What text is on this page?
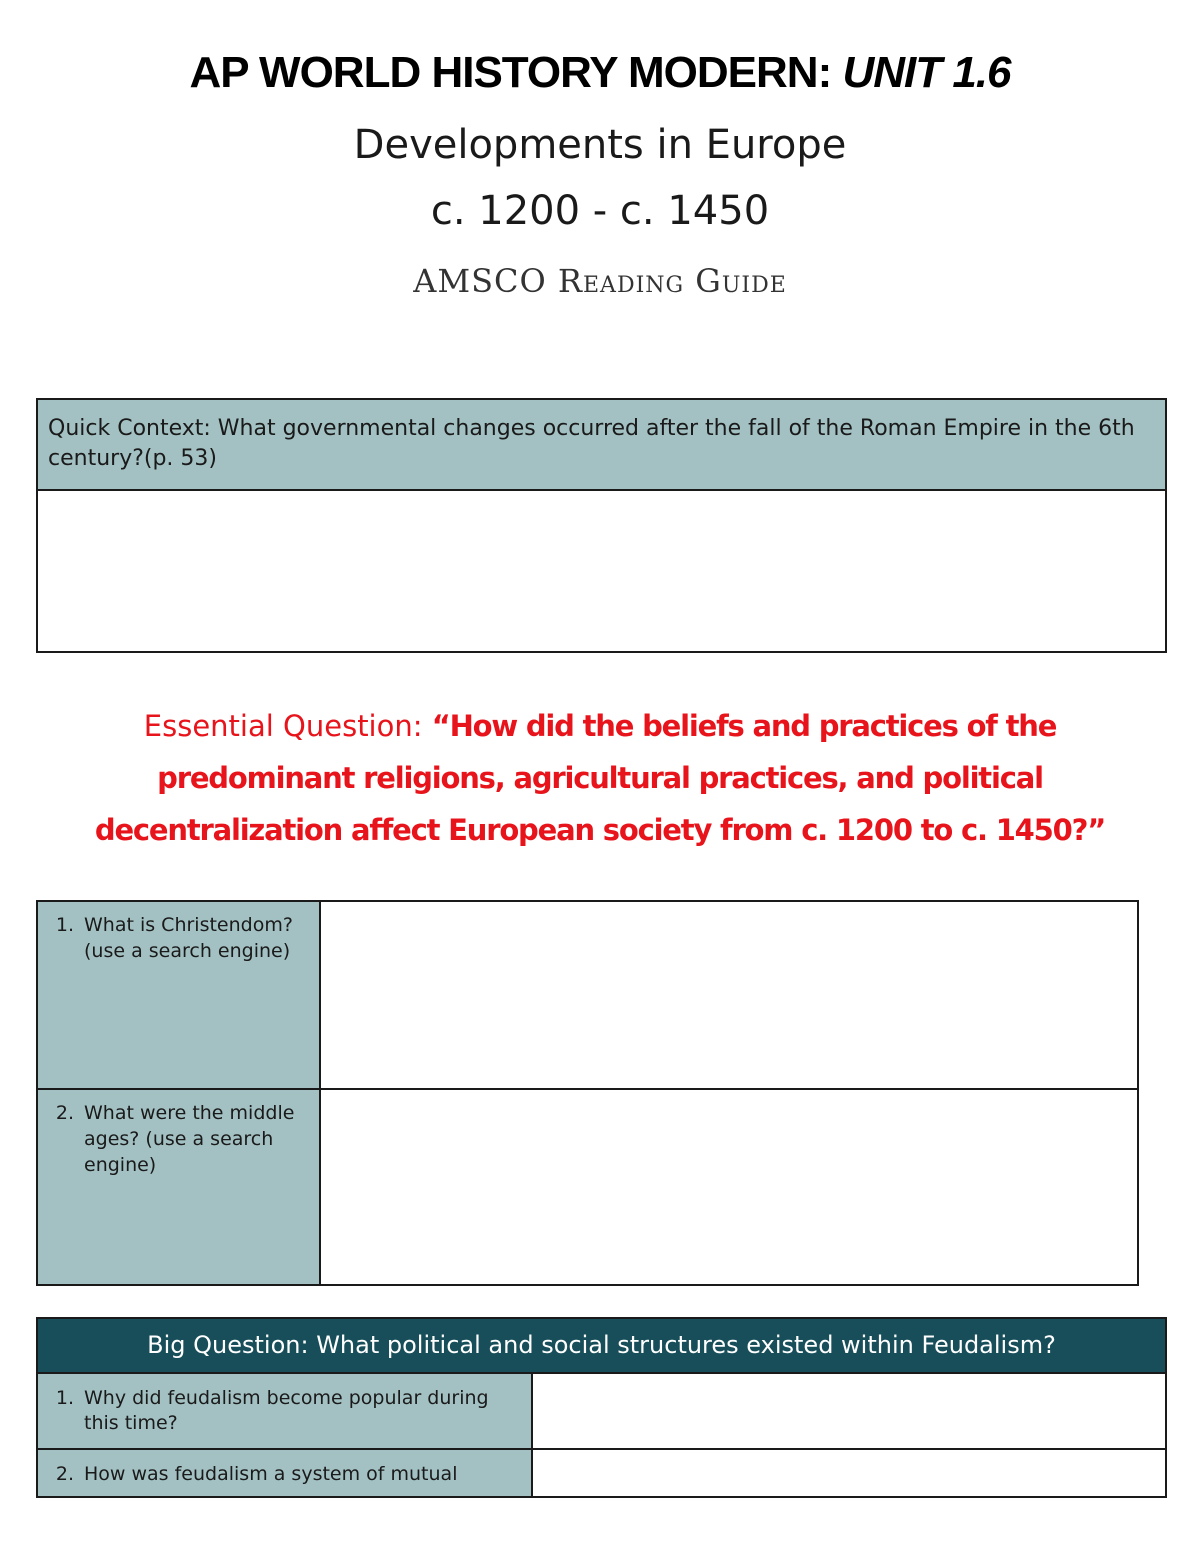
AP WORLD HISTORY MODERN: UNIT 1.6
Developments in Europe
c. 1200 - c. 1450
AMSCO Reading Guide
Quick Context: What governmental changes occurred after the fall of the Roman Empire in the 6th century?(p. 53)
Essential Question: “How did the beliefs and practices of the predominant religions, agricultural practices, and political decentralization affect European society from c. 1200 to c. 1450?”
1. What is Christendom? (use a search engine)	

2. What were the middle ages? (use a search engine)	

Big Question: What political and social structures existed within Feudalism?
1. Why did feudalism become popular during this time?	

2. How was feudalism a system of mutual	
